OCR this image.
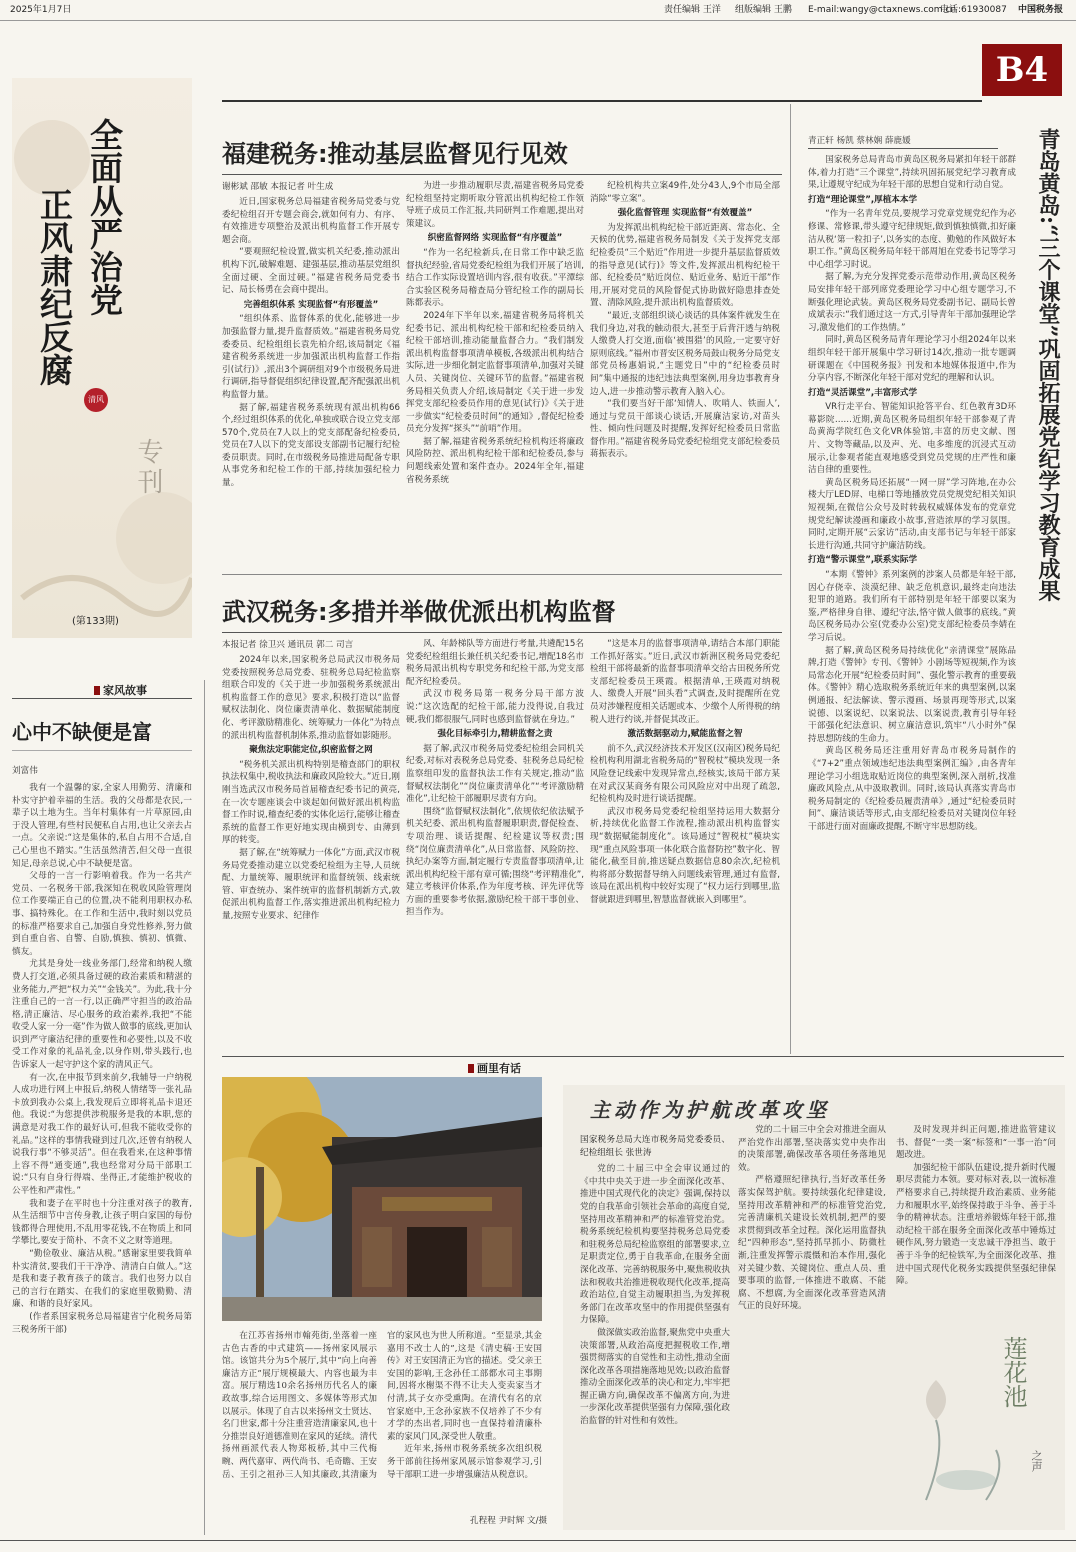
2025年1月7日	责任编辑 王洋 组版编辑 王鹏 E-mail:wangy@ctaxnews.com.cn
电话:61930087 中国税务报
B4
全面从严治党
正风肃纪反腐
清风
专刊
(第133期)
福建税务:推动基层监督见行见效
谢彬斌 邵敏 本报记者 叶生成

近日,国家税务总局福建省税务局党委与党委纪检组召开专题会商会,就如何有力、有序、有效推进专项整治及派出机构监督工作开展专题会商。

“要观照纪检设置,做实机关纪委,推动派出机构下沉,破解难题、建强基层,推动基层党组织全面过硬、全面过硬。”福建省税务局党委书记、局长杨勇在会商中提出。

完善组织体系 实现监督“有形覆盖”

“组织体系、监督体系的优化,能够进一步加强监督力量,提升监督质效。”福建省税务局党委委员、纪检组组长袁先柏介绍,该局制定《福建省税务系统进一步加强派出机构监督工作指引(试行)》,派出3个调研组对9个市级税务局进行调研,指导督促组织纪律设置,配齐配强派出机构监督力量。

据了解,福建省税务系统现有派出机构66个,经过组织体系的优化,单独或联合设立党支部570个,党员在7人以上的党支部配备纪检委员,党员在7人以下的党支部设支部副书记履行纪检委员职责。同时,在市级税务局推进局配备专职从事党务和纪检工作的干部,持续加强纪检力量。

为进一步推动履职尽责,福建省税务局党委纪检组坚持定期听取分管派出机构纪检工作领导班子成员工作汇报,共同研判工作难题,提出对策建议。

织密监督网络 实现监督“有序覆盖”

“作为一名纪检新兵,在日常工作中缺乏监督执纪经验,省局党委纪检组为我们开展了培训,结合工作实际设置培训内容,很有收获。”平潭综合实验区税务局稽查局分管纪检工作的副局长陈都表示。

2024年下半年以来,福建省税务局将机关纪委书记、派出机构纪检干部和纪检委员纳入纪检干部培训,推动能量监督合力。“我们制发派出机构监督事项清单模板,各级派出机构结合实际,进一步细化制定监督事项清单,加强对关键人员、关键岗位、关键环节的监督。”福建省税务局相关负责人介绍,该局制定《关于进一步发挥党支部纪检委员作用的意见(试行)》《关于进一步做实“纪检委员时间”的通知》,督促纪检委员充分发挥“探头”“前哨”作用。

据了解,福建省税务系统纪检机构还将廉政风险防控、派出机构纪检干部和纪检委员,参与问题线索处置和案件查办。2024年全年,福建省税务系统

纪检机构共立案49件,处分43人,9个市局全部消除“零立案”。

强化监督管理 实现监督“有效覆盖”

为发挥派出机构纪检干部近距离、常态化、全天候的优势,福建省税务局制发《关于发挥党支部纪检委员“三个贴近”作用进一步提升基层监督质效的指导意见(试行)》等文件,发挥派出机构纪检干部、纪检委员“贴近岗位、贴近业务、贴近干部”作用,开展对党员的风险督促式协助做好隐患排查处置、清除风险,提升派出机构监督质效。

“最近,支部组织谈心谈话的具体案件就发生在我们身边,对我的触动很大,甚至于后背汗透与纳税人缴费人打交道,面临‘被围猎’的风险,一定要守好原则底线。”福州市晋安区税务局鼓山税务分局党支部党员杨惠娟说,“主题党日”中的“纪检委员时间”集中通报的违纪违法典型案例,用身边事教育身边人,进一步推动警示教育入脑入心。

“我们要当好干部‘知情人、吹哨人、铁面人’,通过与党员干部谈心谈话,开展廉洁家访,对苗头性、倾向性问题及时提醒,发挥好纪检委员日常监督作用。”福建省税务局党委纪检组党支部纪检委员蒋振表示。

武汉税务:多措并举做优派出机构监督
本报记者 徐卫兴 通讯员 郭二 司言

2024年以来,国家税务总局武汉市税务局党委按照税务总局党委、驻税务总局纪检监察组联合印发的《关于进一步加强税务系统派出机构监督工作的意见》要求,积极打造以“监督赋权法制化、岗位廉责清单化、数据赋能制度化、考评激励精准化、统筹赋力一体化”为特点的派出机构监督机制体系,推动监督如影随形。

聚焦法定职能定位,织密监督之网

“税务机关派出机构特别是稽查部门的职权执法权集中,税收执法和廉政风险较大。”近日,刚刚当选武汉市税务局首届稽查纪委书记的黄亮,在一次专题座谈会中谈起如何做好派出机构监督工作时说,稽查纪委的实体化运行,能够让稽查系统的监督工作更好地实现由横到专、由薄到厚的转变。

据了解,在“统筹赋力一体化”方面,武汉市税务局党委推动建立以党委纪检组为主导,人员统配、力量统筹、履职统评和监督统领、线索统管、审查统办、案件统审的监督机制新方式,敦促派出机构监督工作,落实推进派出机构纪检力量,按照专业要求、纪律作

风、年龄梯队等方面进行考量,共遴配15名党委纪检组组长兼任机关纪委书记,增配18名市税务局派出机构专职党务和纪检干部,为党支部配齐纪检委员。

武汉市税务局第一税务分局干部方波说:“这次选配的纪检干部,能力没得说,自我过硬,我们都很服气,同时也感到监督就在身边。”

强化目标牵引力,精耕监督之责

据了解,武汉市税务局党委纪检组会同机关纪委,对标对表税务总局党委、驻税务总局纪检监察组印发的监督执法工作有关规定,推动“监督赋权法制化”“岗位廉责清单化”“考评激励精准化”,让纪检干部履职尽责有方向。

围绕“监督赋权法制化”,依规依纪依法赋予机关纪委、派出机构监督履职职责,督促检查、专项治理、谈话提醒、纪检建议等权责;围绕“岗位廉责清单化”,从日常监督、风险防控、执纪办案等方面,制定履行专责监督事项清单,让派出机构纪检干部有章可循;围绕“考评精准化”,建立考核评价体系,作为年度考核、评先评优等方面的重要参考依据,激励纪检干部干事创业、担当作为。

“这是本月的监督事项清单,请结合本部门职能工作抓好落实。”近日,武汉市新洲区税务局党委纪检组干部将最新的监督事项清单交给古田税务所党支部纪检委员王瑛霞。根据清单,王瑛霞对纳税人、缴费人开展“回头看”式调查,及时提醒所在党员对涉嫌程度相关话题或本、少缴个人所得税的纳税人进行约谈,并督促其改正。

激活数据驱动力,赋能监督之智

前不久,武汉经济技术开发区(汉南区)税务局纪检机构利用湖北省税务局的“智税杖”模块发现一条风险登记线索中发现异常点,经核实,该局干部方某在对武汉某商务有限公司风险应对中出现了疏忽,纪检机构及时进行谈话提醒。

武汉市税务局党委纪检组坚持运用大数据分析,持续优化监督工作流程,推动派出机构监督实现“数据赋能制度化”。该局通过“智税杖”模块实现“重点风险事项一体化联合监督防控”数字化、智能化,截至目前,推送疑点数据信息80余次,纪检机构将部分数据督导纳入问题线索管理,通过有监督,该局在派出机构中较好实现了“权力运行到哪里,监督就跟进到哪里,智慧监督就嵌入到哪里”。

青正轩 杨凯 蔡林娴 薛鹿媛	青岛黄岛:“三个课堂”巩固拓展党纪学习教育成果

国家税务总局青岛市黄岛区税务局紧扣年轻干部群体,着力打造“三个课堂”,持续巩固拓展党纪学习教育成果,让遵规守纪成为年轻干部的思想自觉和行动自觉。

打造“理论课堂”,厚植本本学

“作为一名青年党员,要规学习党章党规党纪作为必修课、常修课,带头遵守纪律规矩,做到慎独慎微,扣好廉洁从税‘第一粒扣子’,以务实的态度、勤勉的作风做好本职工作。”黄岛区税务局年轻干部周旭在党委书记等学习中心组学习时说。

据了解,为充分发挥党委示范带动作用,黄岛区税务局安排年轻干部列席党委理论学习中心组专题学习,不断强化理论武装。黄岛区税务局党委副书记、副局长曾成斌表示:“我们通过这一方式,引导青年干部加强理论学习,激发他们的工作热情。”

同时,黄岛区税务局青年理论学习小组2024年以来组织年轻干部开展集中学习研讨14次,推动一批专题调研课题在《中国税务报》刊发和本地媒体报道中,作为分享内容,不断深化年轻干部对党纪的理解和认识。

打造“灵活课堂”,丰富形式学

VR行走平台、智能知识抢答平台、红色教育3D环幕影院……近期,黄岛区税务局组织年轻干部参观了青岛黄海学院红色文化VR体验馆,丰富的历史文献、图片、文物等藏品,以及声、光、电多维度的沉浸式互动展示,让参观者能直观地感受到党员党规的庄严性和廉洁自律的重要性。

黄岛区税务局还拓展“一网一屏”学习阵地,在办公楼大厅LED屏、电梯口等地播放党员党规党纪相关知识短视频,在微信公众号及时转载权威媒体发布的党章党规党纪解读漫画和廉政小故事,营造浓厚的学习氛围。同时,定期开展“云家访”活动,由支部书记与年轻干部家长进行沟通,共同守护廉洁防线。

打造“警示课堂”,联系实际学

“本期《警钟》系列案例的涉案人员都是年轻干部,因心存侥幸、淡漠纪律、缺乏危机意识,最终走向违法犯罪的道路。我们所有干部特别是年轻干部要以案为鉴,严格律身自律、遵纪守法,恪守做人做事的底线。”黄岛区税务局办公室(党委办公室)党支部纪检委员李婧在学习后说。

据了解,黄岛区税务局持续优化“亲清课堂”展陈品牌,打造《警钟》专刊、《警钟》小剧场等短视频,作为该局常态化开展“纪检委员时间”、强化警示教育的重要载体。《警钟》精心选取税务系统近年来的典型案例,以案例通报、纪法解读、警示漫画、场景再现等形式,以案说德、以案说纪、以案说法、以案说责,教育引导年轻干部强化纪法意识、树立廉洁意识,筑牢“八小时外”保持思想防线的生命力。

黄岛区税务局还注重用好青岛市税务局制作的《“7+2”重点领域违纪违法典型案例汇编》,由各青年理论学习小组选取贴近岗位的典型案例,深入剖析,找准廉政风险点,从中汲取教训。同时,该局认真落实青岛市税务局制定的《纪检委员履责清单》,通过“纪检委员时间”、廉洁谈话等形式,由支部纪检委员对关键岗位年轻干部进行面对面廉政提醒,不断守牢思想防线。

家风故事
心中不缺便是富
刘富伟

我有一个温馨的家,全家人用勤劳、清廉和朴实守护着幸福的生活。我的父母都是农民,一辈子以土地为生。当年村集体有一片草原园,由于没人管理,有些村民便私自占用,也让父亲去占一点。父亲说:“这是集体的,私自占用不合适,自己心里也不踏实。”生活虽然清苦,但父母一直很知足,母亲总说,心中不缺便是富。

父母的一言一行影响着我。作为一名共产党员、一名税务干部,我深知在税收风险管理岗位工作要端正自己的位置,决不能利用职权办私事、搞特殊化。在工作和生活中,我时刻以党员的标准严格要求自己,加强自身党性修养,努力做到自重自省、自警、自励,慎独、慎初、慎微、慎友。

尤其是身处一线业务部门,经常和纳税人缴费人打交道,必须具备过硬的政治素质和精湛的业务能力,严把“权力关”“金钱关”。为此,我十分注重自己的一言一行,以正确严守担当的政治品格,清正廉洁、尽心服务的政治素养,我把“不能收受人家一分一毫”作为做人做事的底线,更加认识到严守廉洁纪律的重要性和必要性,以及不收受工作对象的礼品礼金,以身作则,带头践行,也告诉家人一起守护这个家的清风正气。

有一次,在申报节到来前夕,我辅导一户纳税人成功进行网上申报后,纳税人情绪等一张礼品卡放到我办公桌上,我发现后立即将礼品卡退还他。我说:“为您提供涉税服务是我的本职,您的满意是对我工作的最好认可,但我不能收受你的礼品。”这样的事情我碰到过几次,还曾有纳税人说我行事“不够灵活”。但在我看来,在这种事情上容不得“通变通”,我也经常对分局干部职工说:“只有自身行得端、坐得正,才能维护税收的公平性和严肃性。”

我和妻子在平时也十分注重对孩子的教育,从生活细节中言传身教,让孩子明白家国的每份钱都得合理使用,不乱用零花钱,不在物质上和同学攀比,要安于简朴、不贪不义之财等道理。

“勤俭敬业、廉洁从税。”感谢家里要我简单朴实清贫,要我们干干净净、清清白白做人。”这是我和妻子教育孩子的箴言。我们也努力以自己的言行在踏实、在我们的家庭里敬勤勤、清廉、和谐的良好家风。

(作者系国家税务总局福建省宁化税务局第三税务所干部)

画里有话

在江苏省扬州市翰苑街,坐落着一座古色古香的中式建筑——扬州家风展示馆。该馆共分为5个展厅,其中“向上向善 廉洁方正”展厅规模最大、内容也最为丰富。展厅精选10余名扬州历代名人的廉政故事,综合运用图文、多媒体等形式加以展示。体现了自古以来扬州文士贤达、名门世家,都十分注重营造清廉家风,也十分推崇良好道德准则在家风的延续。清代扬州画派代表人物郑板桥,其中三代梅畹、两代嘉审、两代尚书、毛奇瞻、王安岳、王引之祖孙三人知其廉政,其清廉为官的家风也为世人所称道。“至显录,其金嘉用不改士人的”,这是《清史稿·王安国传》对王安国清正为官的描述。受父亲王安国的影响,王念孙任工部都水司主事期间,因将水榭渠不得不让夫人变卖家当才付清,其子女亦受熏陶。在清代有名的京官家庭中,王念孙家族不仅培养了不少有才学的杰出者,同时也一直保持着清廉朴素的家风门风,深受世人敬重。

近年来,扬州市税务系统多次组织税务干部前往扬州家风展示馆参观学习,引导干部职工进一步增强廉洁从税意识。

孔程程 尹时辉 文/摄
主动作为护航改革攻坚

国家税务总局大连市税务局党委委员、纪检组组长 张世涛

党的二十届三中全会审议通过的《中共中央关于进一步全面深化改革、推进中国式现代化的决定》强调,保持以党的自我革命引领社会革命的高度自觉,坚持用改革精神和严的标准管党治党。税务系统纪检机构要坚持税务总局党委和驻税务总局纪检监察组的部署要求,立足职责定位,勇于自我革命,在服务全面深化改革、完善纳税服务中,聚焦税收执法和税收共治推进税收现代化改革,提高政治站位,自觉主动履职担当,为发挥税务部门在改革攻坚中的作用提供坚强有力保障。

做深做实政治监督,聚焦党中央重大决策部署,从政治高度把握税收工作,增强贯彻落实的自觉性和主动性,推动全面深化改革各项措施落地见效;以政治监督推动全面深化改革的决心和定力,牢牢把握正确方向,确保改革不偏离方向,为进一步深化改革提供坚强有力保障,强化政治监督的针对性和有效性。

党的二十届三中全会对推进全面从严治党作出部署,坚决落实党中央作出的决策部署,确保改革各项任务落地见效。

严格遵照纪律执行,当好改革任务落实保驾护航。要持续强化纪律建设,坚持用改革精神和严的标准管党治党,完善清廉机关建设长效机制,把严的要求贯彻到改革全过程。深化运用监督执纪“四种形态”,坚持抓早抓小、防微杜渐,注重发挥警示震慑和治本作用,强化对关键少数、关键岗位、重点人员、重要事项的监督,一体推进不敢腐、不能腐、不想腐,为全面深化改革营造风清气正的良好环境。

及时发现并纠正问题,推进监管建议书、督促“一类一案”标签和“一事一治”问题改进。

加强纪检干部队伍建设,提升新时代履职尽责能力本领。要对标对表,以一流标准严格要求自己,持续提升政治素质、业务能力和履职水平,始终保持敢于斗争、善于斗争的精神状态。注重培养锻炼年轻干部,推动纪检干部在服务全面深化改革中锤炼过硬作风,努力锻造一支忠诚干净担当、敢于善于斗争的纪检铁军,为全面深化改革、推进中国式现代化税务实践提供坚强纪律保障。

莲花池
之声
